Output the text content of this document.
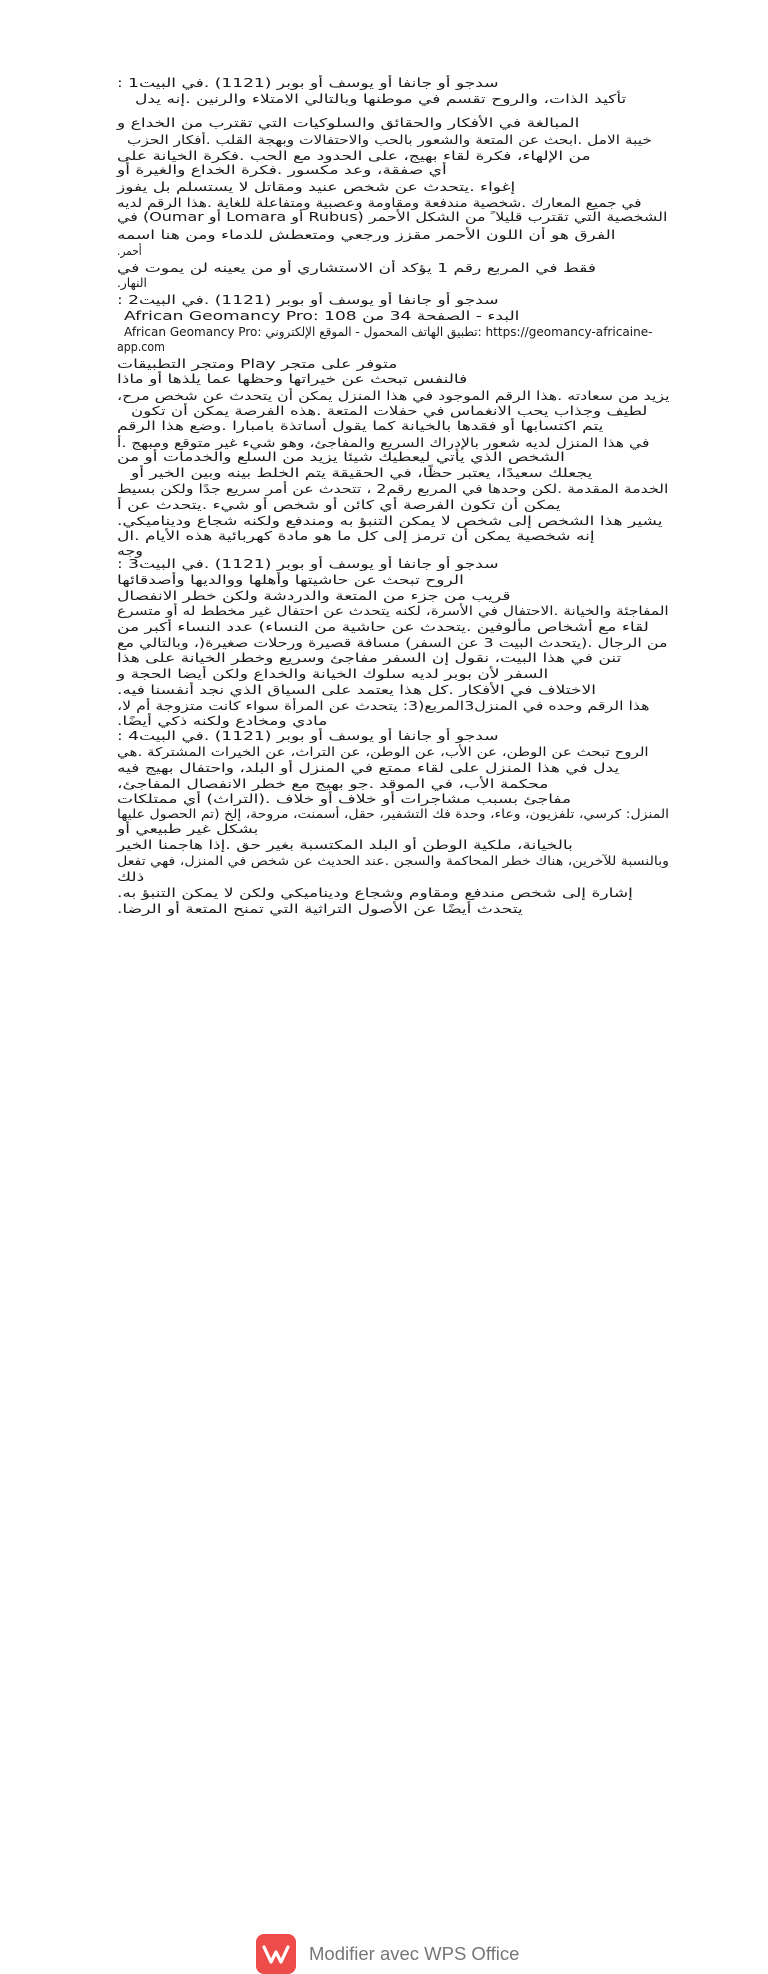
سدجو أو جانفا أو يوسف أو بوبر (1121) .في البيت1 :
تأكيد الذات، والروح تقسم في موطنها وبالتالي الامتلاء والرنين .إنه يدل
المبالغة في الأفكار والحقائق والسلوكيات التي تقترب من الخداع و
خيبة الامل .ابحث عن المتعة والشعور بالحب والاحتفالات وبهجة القلب .أفكار الحزب
من الإلهاء، فكرة لقاء بهيج، على الحدود مع الحب .فكرة الخيانة على
أي صفقة، وعد مكسور .فكرة الخداع والغيرة أو
إغواء .يتحدث عن شخص عنيد ومقاتل لا يستسلم بل يفوز
في جميع المعارك .شخصية مندفعة ومقاومة وعصبية ومتفاعلة للغاية .هذا الرقم لديه
الشخصية التي تقترب قليلا ً من الشكل الأحمر (Rubus أو Lomara أو Oumar) في
الفرق هو أن اللون الأحمر مقزز ورجعي ومتعطش للدماء ومن هنا اسمه
أحمر.
فقط في المربع رقم 1 يؤكد أن الاستشاري أو من يعينه لن يموت في
النهار.
سدجو أو جانفا أو يوسف أو بوبر (1121) .في البيت2 :
African Geomancy Pro: 108 البدء - الصفحة 34 من
African Geomancy Pro: تطبيق الهاتف المحمول - الموقع الإلكتروني: https://geomancy-africaine-
app.com
متوفر على متجر Play ومتجر التطبيقات
فالنفس تبحث عن خيراتها وحظها عما يلذها أو ماذا
يزيد من سعادته .هذا الرقم الموجود في هذا المنزل يمكن أن يتحدث عن شخص مرح،
لطيف وجذاب يحب الانغماس في حفلات المتعة .هذه الفرصة يمكن أن تكون
يتم اكتسابها أو فقدها بالخيانة كما يقول أساتذة بامبارا .وضع هذا الرقم
في هذا المنزل لديه شعور بالإدراك السريع والمفاجئ، وهو شيء غير متوقع ومبهج .أ
الشخص الذي يأتي ليعطيك شيئا يزيد من السلع والخدمات أو من
يجعلك سعيدًا، يعتبر حظًا، في الحقيقة يتم الخلط بينه وبين الخير أو
الخدمة المقدمة .لكن وحدها في المربع رقم2 ، تتحدث عن أمر سريع جدًا ولكن بسيط
يمكن أن تكون الفرصة أي كائن أو شخص أو شيء .يتحدث عن أ
يشير هذا الشخص إلى شخص لا يمكن التنبؤ به ومندفع ولكنه شجاع وديناميكي.
إنه شخصية يمكن أن ترمز إلى كل ما هو مادة كهربائية هذه الأيام .ال
وجه
سدجو أو جانفا أو يوسف أو بوبر (1121) .في البيت3 :
الروح تبحث عن حاشيتها وأهلها ووالديها وأصدقائها
قريب من جزء من المتعة والدردشة ولكن خطر الانفصال
المفاجئة والخيانة .الاحتفال في الأسرة، لكنه يتحدث عن احتفال غير مخطط له أو متسرع
لقاء مع أشخاص مألوفين .يتحدث عن حاشية من النساء) عدد النساء أكبر من
من الرجال .(يتحدث البيت 3 عن السفر) مسافة قصيرة ورحلات صغيرة(، وبالتالي مع
تنن في هذا البيت، نقول إن السفر مفاجئ وسريع وخطر الخيانة على هذا
السفر لأن بوبر لديه سلوك الخيانة والخداع ولكن أيضا الحجة و
الاختلاف في الأفكار .كل هذا يعتمد على السياق الذي نجد أنفسنا فيه.
هذا الرقم وحده في المنزل3المربع(3: يتحدث عن المرأة سواء كانت متزوجة أم لا،
مادي ومخادع ولكنه ذكي أيضًا.
سدجو أو جانفا أو يوسف أو بوبر (1121) .في البيت4 :
الروح تبحث عن الوطن، عن الأب، عن الوطن، عن التراث، عن الخيرات المشتركة .هي
يدل في هذا المنزل على لقاء ممتع في المنزل أو البلد، واحتفال بهيج فيه
محكمة الأب، في الموقد .جو بهيج مع خطر الانفصال المفاجئ،
مفاجئ بسبب مشاجرات أو خلاف أو خلاف .(التراث) أي ممتلكات
المنزل: كرسي، تلفزيون، وعاء، وحدة فك التشفير، حقل، أسمنت، مروحة، إلخ (تم الحصول عليها
بشكل غير طبيعي أو
بالخيانة، ملكية الوطن أو البلد المكتسبة بغير حق .إذا هاجمنا الخير
وبالنسبة للآخرين، هناك خطر المحاكمة والسجن .عند الحديث عن شخص في المنزل، فهي تفعل
ذلك
إشارة إلى شخص مندفع ومقاوم وشجاع وديناميكي ولكن لا يمكن التنبؤ به.
يتحدث أيضًا عن الأصول التراثية التي تمنح المتعة أو الرضا.
Modifier avec WPS Office
